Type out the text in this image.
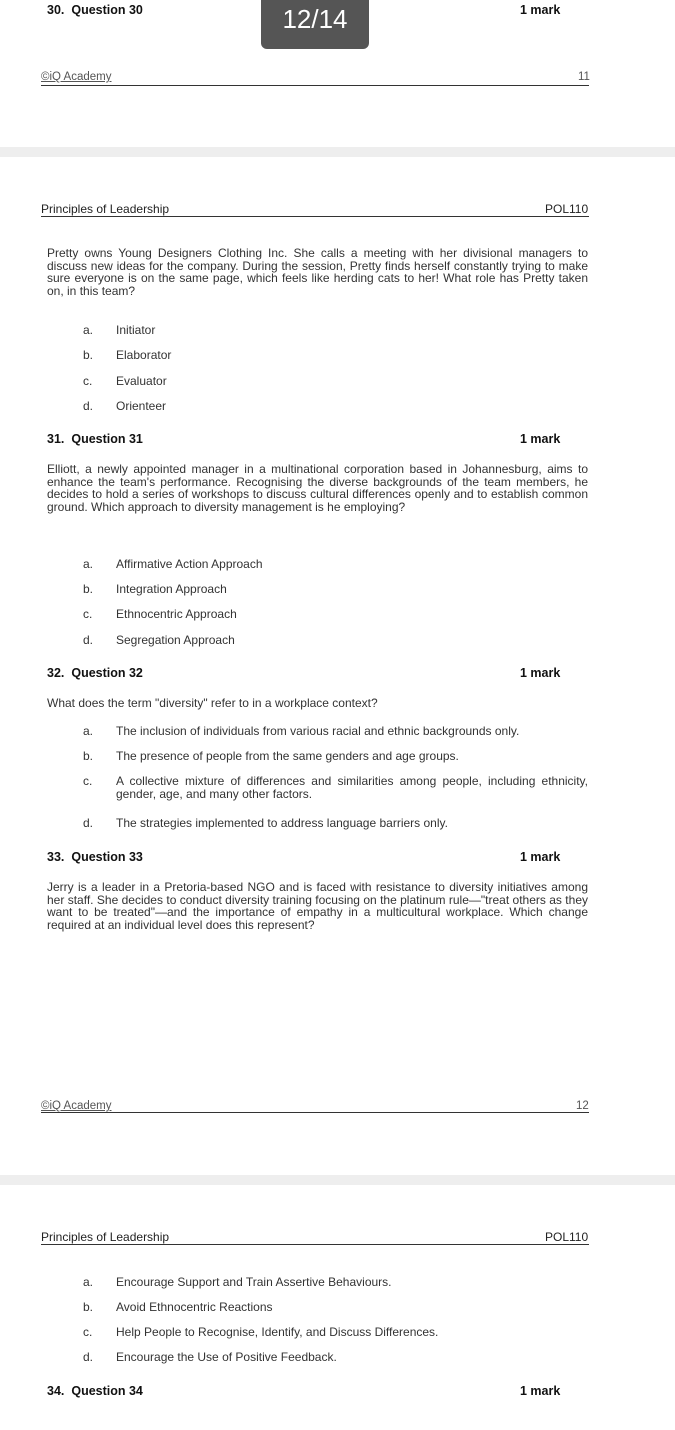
30. Question 30	1 mark
©iQ Academy	11
Principles of Leadership	POL110
Pretty owns Young Designers Clothing Inc. She calls a meeting with her divisional managers to discuss new ideas for the company. During the session, Pretty finds herself constantly trying to make sure everyone is on the same page, which feels like herding cats to her! What role has Pretty taken on, in this team?
a. Initiator
b. Elaborator
c. Evaluator
d. Orienteer
31. Question 31	1 mark
Elliott, a newly appointed manager in a multinational corporation based in Johannesburg, aims to enhance the team's performance. Recognising the diverse backgrounds of the team members, he decides to hold a series of workshops to discuss cultural differences openly and to establish common ground. Which approach to diversity management is he employing?
a. Affirmative Action Approach
b. Integration Approach
c. Ethnocentric Approach
d. Segregation Approach
32. Question 32	1 mark
What does the term "diversity" refer to in a workplace context?
a. The inclusion of individuals from various racial and ethnic backgrounds only.
b. The presence of people from the same genders and age groups.
c. A collective mixture of differences and similarities among people, including ethnicity, gender, age, and many other factors.
d. The strategies implemented to address language barriers only.
33. Question 33	1 mark
Jerry is a leader in a Pretoria-based NGO and is faced with resistance to diversity initiatives among her staff. She decides to conduct diversity training focusing on the platinum rule—"treat others as they want to be treated"—and the importance of empathy in a multicultural workplace. Which change required at an individual level does this represent?
©iQ Academy	12
Principles of Leadership	POL110
a. Encourage Support and Train Assertive Behaviours.
b. Avoid Ethnocentric Reactions
c. Help People to Recognise, Identify, and Discuss Differences.
d. Encourage the Use of Positive Feedback.
34. Question 34	1 mark
12/14
